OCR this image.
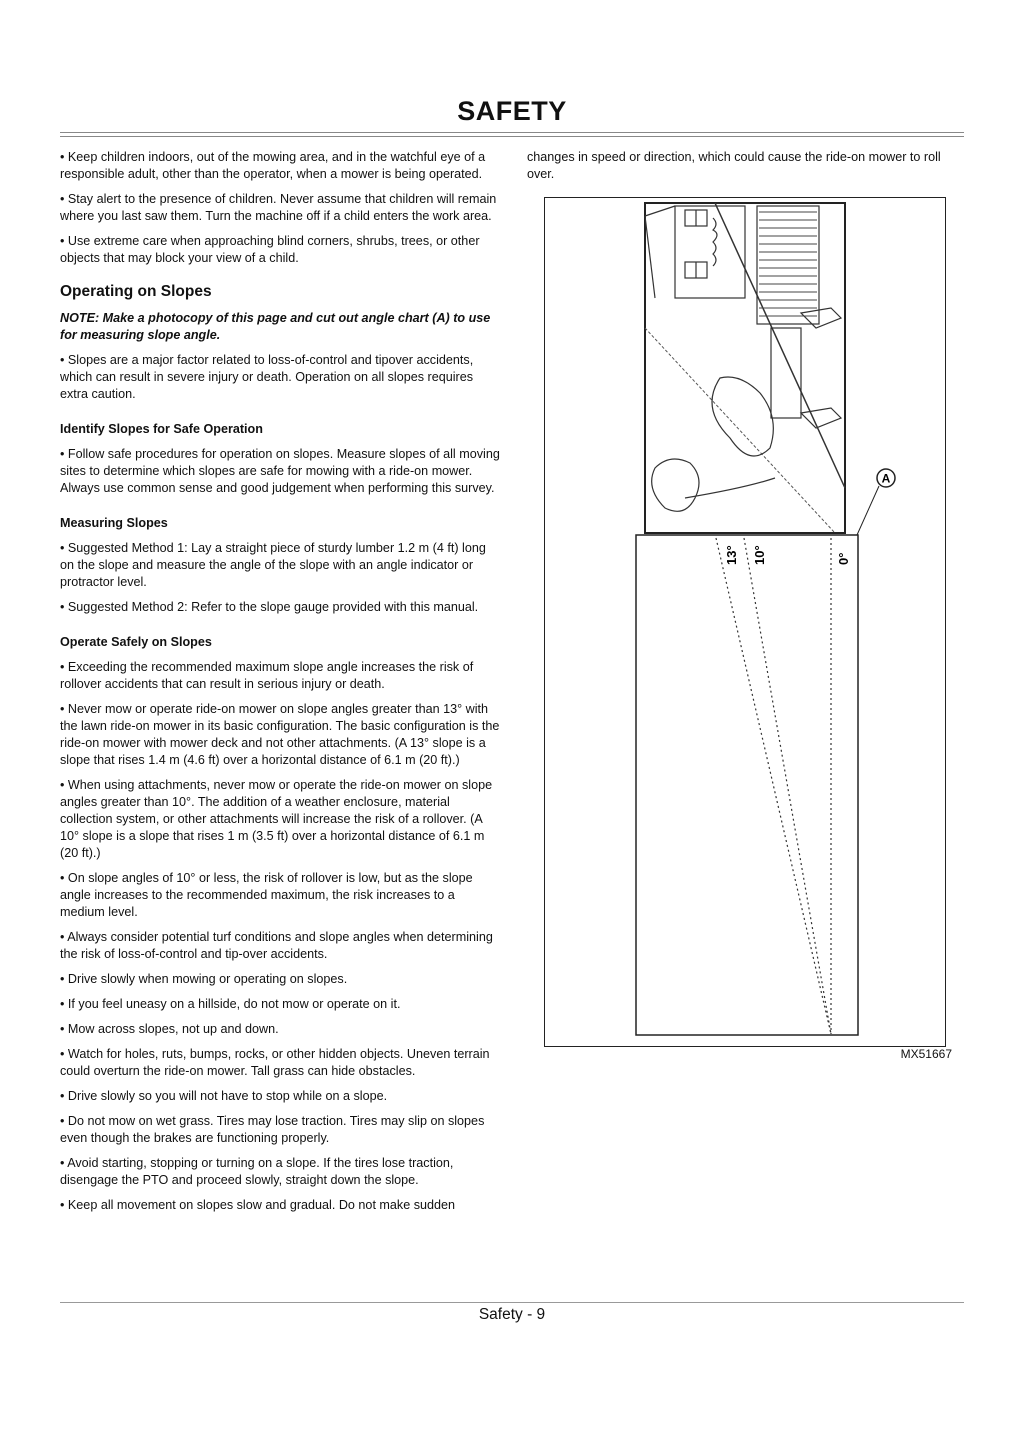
SAFETY

• Keep children indoors, out of the mowing area, and in the watchful eye of a responsible adult, other than the operator, when a mower is being operated.

• Stay alert to the presence of children. Never assume that children will remain where you last saw them. Turn the machine off if a child enters the work area.

• Use extreme care when approaching blind corners, shrubs, trees, or other objects that may block your view of a child.

Operating on Slopes

NOTE: Make a photocopy of this page and cut out angle chart (A) to use for measuring slope angle.

• Slopes are a major factor related to loss-of-control and tipover accidents, which can result in severe injury or death. Operation on all slopes requires extra caution.

Identify Slopes for Safe Operation

• Follow safe procedures for operation on slopes. Measure slopes of all moving sites to determine which slopes are safe for mowing with a ride-on mower. Always use common sense and good judgement when performing this survey.

Measuring Slopes

• Suggested Method 1: Lay a straight piece of sturdy lumber 1.2 m (4 ft) long on the slope and measure the angle of the slope with an angle indicator or protractor level.

• Suggested Method 2: Refer to the slope gauge provided with this manual.

Operate Safely on Slopes

• Exceeding the recommended maximum slope angle increases the risk of rollover accidents that can result in serious injury or death.

• Never mow or operate ride-on mower on slope angles greater than 13° with the lawn ride-on mower in its basic configuration. The basic configuration is the ride-on mower with mower deck and not other attachments. (A 13° slope is a slope that rises 1.4 m (4.6 ft) over a horizontal distance of 6.1 m (20 ft).)

• When using attachments, never mow or operate the ride-on mower on slope angles greater than 10°. The addition of a weather enclosure, material collection system, or other attachments will increase the risk of a rollover. (A 10° slope is a slope that rises 1 m (3.5 ft) over a horizontal distance of 6.1 m (20 ft).)

• On slope angles of 10° or less, the risk of rollover is low, but as the slope angle increases to the recommended maximum, the risk increases to a medium level.

• Always consider potential turf conditions and slope angles when determining the risk of loss-of-control and tip-over accidents.

• Drive slowly when mowing or operating on slopes.

• If you feel uneasy on a hillside, do not mow or operate on it.

• Mow across slopes, not up and down.

• Watch for holes, ruts, bumps, rocks, or other hidden objects. Uneven terrain could overturn the ride-on mower. Tall grass can hide obstacles.

• Drive slowly so you will not have to stop while on a slope.

• Do not mow on wet grass. Tires may lose traction. Tires may slip on slopes even though the brakes are functioning properly.

• Avoid starting, stopping or turning on a slope. If the tires lose traction, disengage the PTO and proceed slowly, straight down the slope.

• Keep all movement on slopes slow and gradual. Do not make sudden

changes in speed or direction, which could cause the ride-on mower to roll over.

A
13° 10°	0°
MX51667
Safety - 9
